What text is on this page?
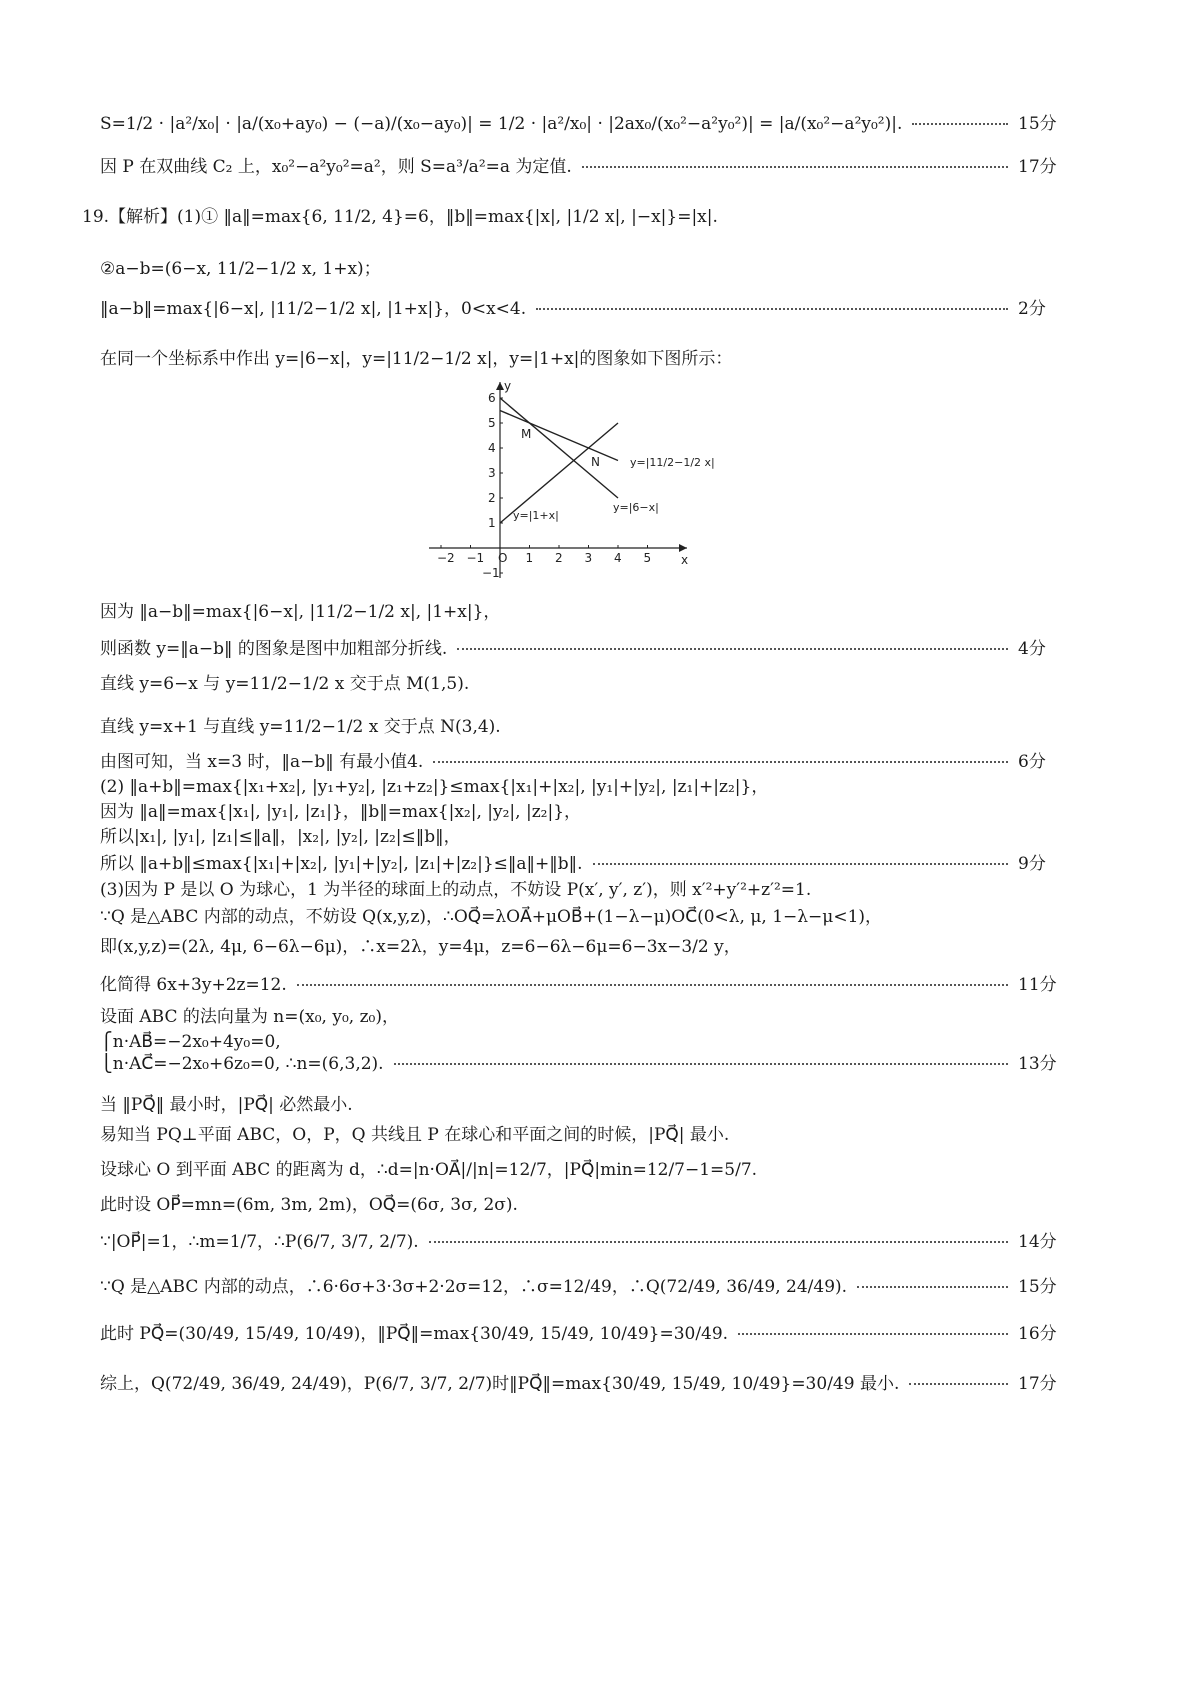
S=1/2 · |a²/x₀| · |a/(x₀+ay₀) − (−a)/(x₀−ay₀)| = 1/2 · |a²/x₀| · |2ax₀/(x₀²−a²y₀²)| = |a/(x₀²−a²y₀²)|.	15分
因 P 在双曲线 C₂ 上，x₀²−a²y₀²=a²，则 S=a³/a²=a 为定值.	17分
19.【解析】(1)① ‖a‖=max{6, 11/2, 4}=6，‖b‖=max{|x|, |1/2 x|, |−x|}=|x|.
②a−b=(6−x, 11/2−1/2 x, 1+x)；
‖a−b‖=max{|6−x|, |11/2−1/2 x|, |1+x|}，0<x<4.	2分
在同一个坐标系中作出 y=|6−x|，y=|11/2−1/2 x|，y=|1+x|的图象如下图所示：
因为 ‖a−b‖=max{|6−x|, |11/2−1/2 x|, |1+x|}，
则函数 y=‖a−b‖ 的图象是图中加粗部分折线.	4分
直线 y=6−x 与 y=11/2−1/2 x 交于点 M(1,5).
直线 y=x+1 与直线 y=11/2−1/2 x 交于点 N(3,4).
由图可知，当 x=3 时，‖a−b‖ 有最小值4.	6分
(2) ‖a+b‖=max{|x₁+x₂|, |y₁+y₂|, |z₁+z₂|}≤max{|x₁|+|x₂|, |y₁|+|y₂|, |z₁|+|z₂|}，
因为 ‖a‖=max{|x₁|, |y₁|, |z₁|}，‖b‖=max{|x₂|, |y₂|, |z₂|}，
所以|x₁|, |y₁|, |z₁|≤‖a‖，|x₂|, |y₂|, |z₂|≤‖b‖，
所以 ‖a+b‖≤max{|x₁|+|x₂|, |y₁|+|y₂|, |z₁|+|z₂|}≤‖a‖+‖b‖.	9分
(3)因为 P 是以 O 为球心，1 为半径的球面上的动点，不妨设 P(x′, y′, z′)，则 x′²+y′²+z′²=1.
∵Q 是△ABC 内部的动点，不妨设 Q(x,y,z)，∴OQ⃗=λOA⃗+μOB⃗+(1−λ−μ)OC⃗(0<λ, μ, 1−λ−μ<1)，
即(x,y,z)=(2λ, 4μ, 6−6λ−6μ)，∴x=2λ，y=4μ，z=6−6λ−6μ=6−3x−3/2 y，
化简得 6x+3y+2z=12.	11分
设面 ABC 的法向量为 n=(x₀, y₀, z₀)，
⎧n·AB⃗=−2x₀+4y₀=0,
⎩n·AC⃗=−2x₀+6z₀=0, ∴n=(6,3,2).	13分
当 ‖PQ⃗‖ 最小时，|PQ⃗| 必然最小.
易知当 PQ⊥平面 ABC，O，P，Q 共线且 P 在球心和平面之间的时候，|PQ⃗| 最小.
设球心 O 到平面 ABC 的距离为 d，∴d=|n·OA⃗|/|n|=12/7，|PQ⃗|min=12/7−1=5/7.
此时设 OP⃗=mn=(6m, 3m, 2m)，OQ⃗=(6σ, 3σ, 2σ).
∵|OP⃗|=1，∴m=1/7，∴P(6/7, 3/7, 2/7).	14分
∵Q 是△ABC 内部的动点，∴6·6σ+3·3σ+2·2σ=12，∴σ=12/49，∴Q(72/49, 36/49, 24/49).	15分
此时 PQ⃗=(30/49, 15/49, 10/49)，‖PQ⃗‖=max{30/49, 15/49, 10/49}=30/49.	16分
综上，Q(72/49, 36/49, 24/49)，P(6/7, 3/7, 2/7)时‖PQ⃗‖=max{30/49, 15/49, 10/49}=30/49 最小.	17分
−2 −1 O 1 2 3 4 5
−1
1
2
3
4
5
6
x
y
M
N	y=|11/2−1/2 x|
y=|6−x|
y=|1+x|
